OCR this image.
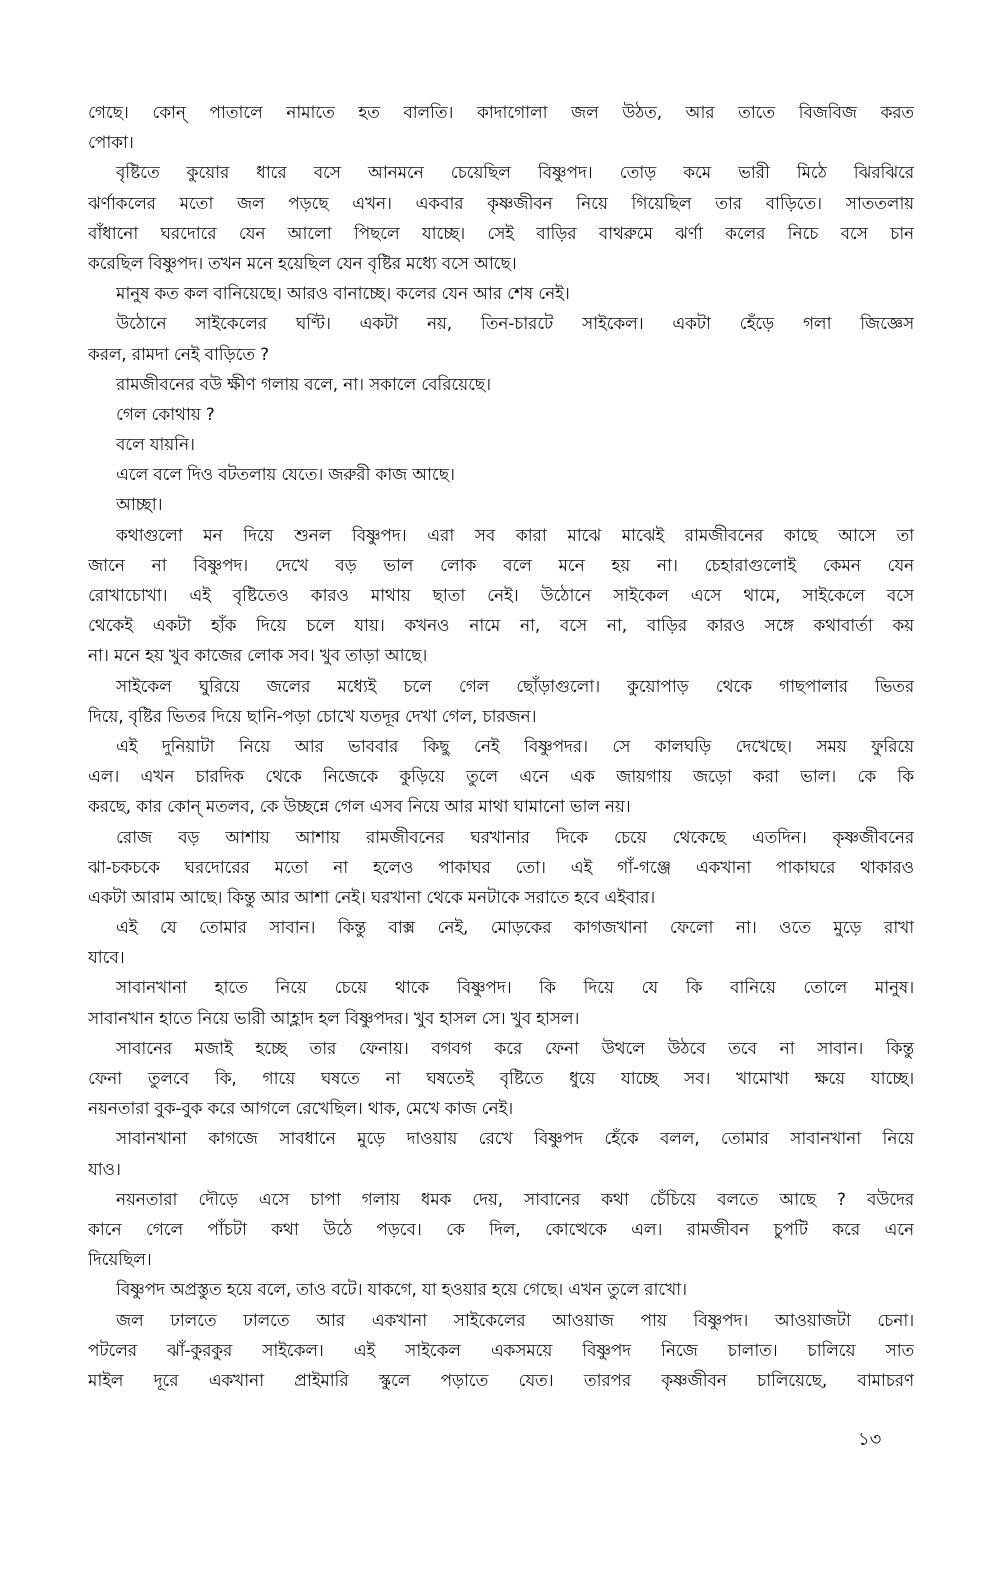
গেছে। কোন্ পাতালে নামাতে হত বালতি। কাদাগোলা জল উঠত, আর তাতে বিজবিজ করত
পোকা।
বৃষ্টিতে কুয়োর ধারে বসে আনমনে চেয়েছিল বিষ্ণুপদ। তোড় কমে ভারী মিঠে ঝিরঝিরে
ঝর্ণাকলের মতো জল পড়ছে এখন। একবার কৃষ্ণজীবন নিয়ে গিয়েছিল তার বাড়িতে। সাততলায়
বাঁধানো ঘরদোরে যেন আলো পিছলে যাচ্ছে। সেই বাড়ির বাথরুমে ঝর্ণা কলের নিচে বসে চান
করেছিল বিষ্ণুপদ। তখন মনে হয়েছিল যেন বৃষ্টির মধ্যে বসে আছে।
মানুষ কত কল বানিয়েছে। আরও বানাচ্ছে। কলের যেন আর শেষ নেই।
উঠোনে সাইকেলের ঘণ্টি। একটা নয়, তিন-চারটে সাইকেল। একটা হেঁড়ে গলা জিজ্ঞেস
করল, রামদা নেই বাড়িতে ?
রামজীবনের বউ ক্ষীণ গলায় বলে, না। সকালে বেরিয়েছে।
গেল কোথায় ?
বলে যায়নি।
এলে বলে দিও বটতলায় যেতে। জরুরী কাজ আছে।
আচ্ছা।
কথাগুলো মন দিয়ে শুনল বিষ্ণুপদ। এরা সব কারা মাঝে মাঝেই রামজীবনের কাছে আসে তা
জানে না বিষ্ণুপদ। দেখে বড় ভাল লোক বলে মনে হয় না। চেহারাগুলোই কেমন যেন
রোখাচোখা। এই বৃষ্টিতেও কারও মাথায় ছাতা নেই। উঠোনে সাইকেল এসে থামে, সাইকেলে বসে
থেকেই একটা হাঁক দিয়ে চলে যায়। কখনও নামে না, বসে না, বাড়ির কারও সঙ্গে কথাবার্তা কয়
না। মনে হয় খুব কাজের লোক সব। খুব তাড়া আছে।
সাইকেল ঘুরিয়ে জলের মধ্যেই চলে গেল ছোঁড়াগুলো। কুয়োপাড় থেকে গাছপালার ভিতর
দিয়ে, বৃষ্টির ভিতর দিয়ে ছানি-পড়া চোখে যতদূর দেখা গেল, চারজন।
এই দুনিয়াটা নিয়ে আর ভাববার কিছু নেই বিষ্ণুপদর। সে কালঘড়ি দেখেছে। সময় ফুরিয়ে
এল। এখন চারদিক থেকে নিজেকে কুড়িয়ে তুলে এনে এক জায়গায় জড়ো করা ভাল। কে কি
করছে, কার কোন্ মতলব, কে উচ্ছন্নে গেল এসব নিয়ে আর মাথা ঘামানো ভাল নয়।
রোজ বড় আশায় আশায় রামজীবনের ঘরখানার দিকে চেয়ে থেকেছে এতদিন। কৃষ্ণজীবনের
ঝা-চকচকে ঘরদোরের মতো না হলেও পাকাঘর তো। এই গাঁ-গঞ্জে একখানা পাকাঘরে থাকারও
একটা আরাম আছে। কিন্তু আর আশা নেই। ঘরখানা থেকে মনটাকে সরাতে হবে এইবার।
এই যে তোমার সাবান। কিন্তু বাক্স নেই, মোড়কের কাগজখানা ফেলো না। ওতে মুড়ে রাখা
যাবে।
সাবানখানা হাতে নিয়ে চেয়ে থাকে বিষ্ণুপদ। কি দিয়ে যে কি বানিয়ে তোলে মানুষ।
সাবানখান হাতে নিয়ে ভারী আহ্লাদ হল বিষ্ণুপদর। খুব হাসল সে। খুব হাসল।
সাবানের মজাই হচ্ছে তার ফেনায়। বগবগ করে ফেনা উথলে উঠবে তবে না সাবান। কিন্তু
ফেনা তুলবে কি, গায়ে ঘষতে না ঘষতেই বৃষ্টিতে ধুয়ে যাচ্ছে সব। খামোখা ক্ষয়ে যাচ্ছে।
নয়নতারা বুক-বুক করে আগলে রেখেছিল। থাক, মেখে কাজ নেই।
সাবানখানা কাগজে সাবধানে মুড়ে দাওয়ায় রেখে বিষ্ণুপদ হেঁকে বলল, তোমার সাবানখানা নিয়ে
যাও।
নয়নতারা দৌড়ে এসে চাপা গলায় ধমক দেয়, সাবানের কথা চেঁচিয়ে বলতে আছে ? বউদের
কানে গেলে পাঁচটা কথা উঠে পড়বে। কে দিল, কোত্থেকে এল। রামজীবন চুপটি করে এনে
দিয়েছিল।
বিষ্ণুপদ অপ্রস্তুত হয়ে বলে, তাও বটে। যাকগে, যা হওয়ার হয়ে গেছে। এখন তুলে রাখো।
জল ঢালতে ঢালতে আর একখানা সাইকেলের আওয়াজ পায় বিষ্ণুপদ। আওয়াজটা চেনা।
পটলের ঝাঁ-কুরকুর সাইকেল। এই সাইকেল একসময়ে বিষ্ণুপদ নিজে চালাত। চালিয়ে সাত
মাইল দূরে একখানা প্রাইমারি স্কুলে পড়াতে যেত। তারপর কৃষ্ণজীবন চালিয়েছে, বামাচরণ
১৩
